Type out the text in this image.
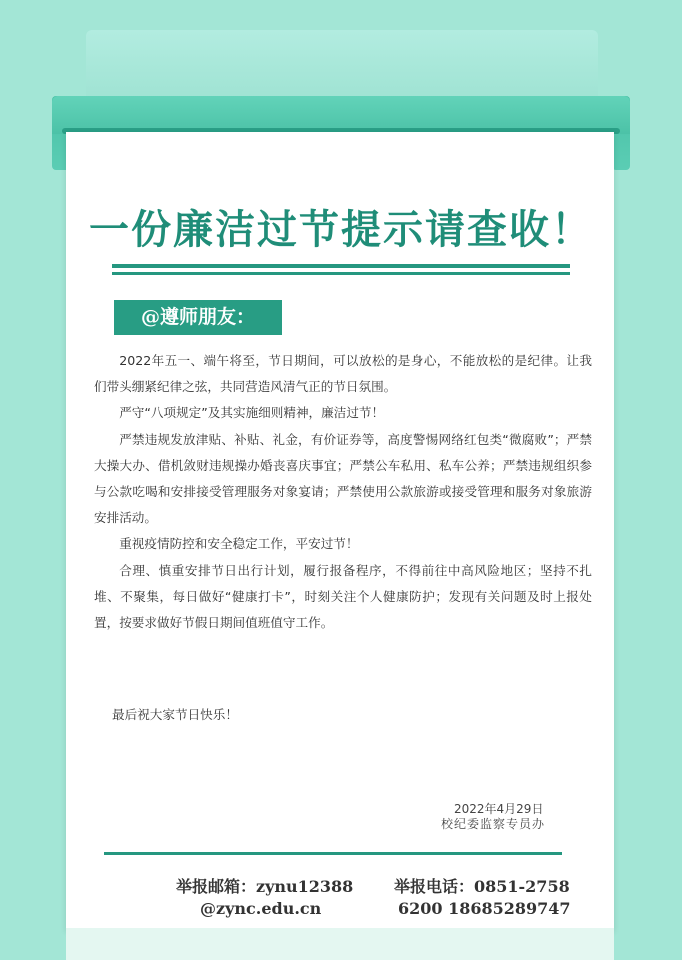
一份廉洁过节提示请查收！
@遵师朋友：

2022年五一、端午将至，节日期间，可以放松的是身心，不能放松的是纪律。让我们带头绷紧纪律之弦，共同营造风清气正的节日氛围。

严守“八项规定”及其实施细则精神，廉洁过节！

严禁违规发放津贴、补贴、礼金，有价证券等，高度警惕网络红包类“微腐败”；严禁大操大办、借机敛财违规操办婚丧喜庆事宜；严禁公车私用、私车公养；严禁违规组织参与公款吃喝和安排接受管理服务对象宴请；严禁使用公款旅游或接受管理和服务对象旅游安排活动。

重视疫情防控和安全稳定工作，平安过节！

合理、慎重安排节日出行计划，履行报备程序，不得前往中高风险地区；坚持不扎堆、不聚集，每日做好“健康打卡”，时刻关注个人健康防护；发现有关问题及时上报处置，按要求做好节假日期间值班值守工作。

最后祝大家节日快乐！
2022年4月29日
校纪委监察专员办
举报邮箱：zynu12388
@zync.edu.cn
举报电话：0851-2758
6200 18685289747
